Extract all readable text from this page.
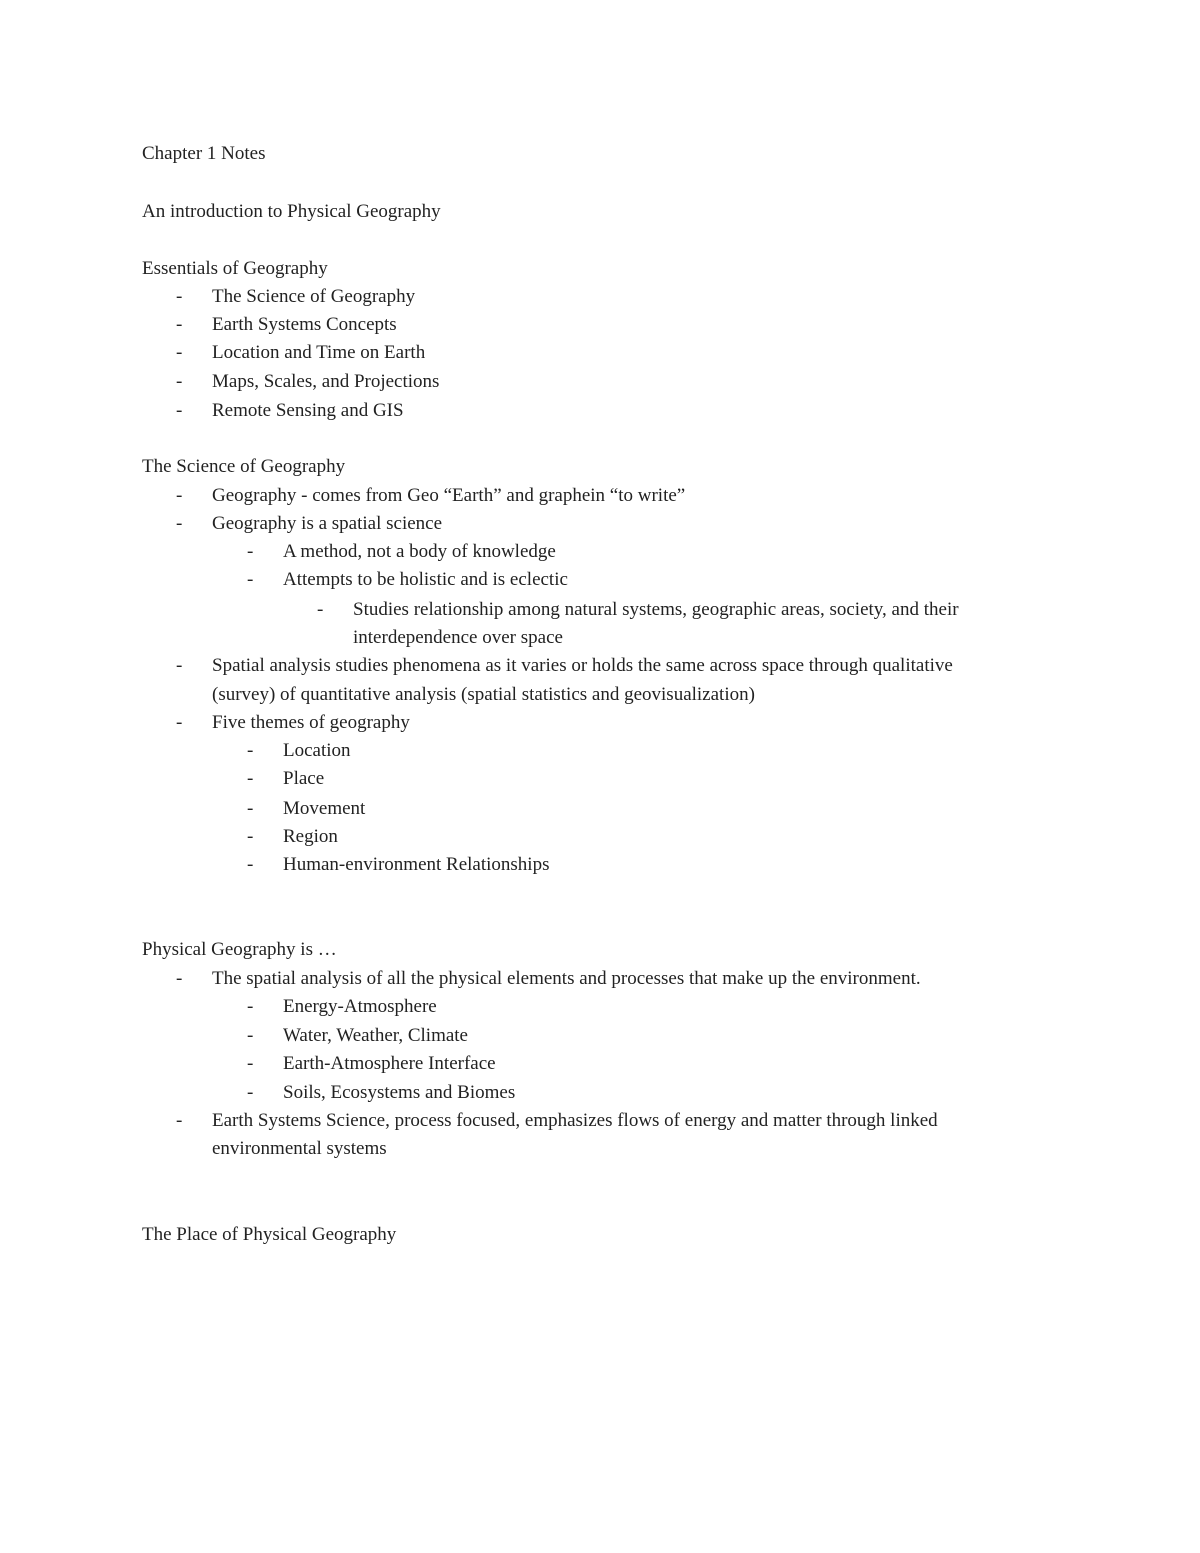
Chapter 1 Notes
An introduction to Physical Geography
Essentials of Geography
- The Science of Geography
- Earth Systems Concepts
- Location and Time on Earth
- Maps, Scales, and Projections
- Remote Sensing and GIS
The Science of Geography
- Geography - comes from Geo “Earth” and graphein “to write”
- Geography is a spatial science
- A method, not a body of knowledge
- Attempts to be holistic and is eclectic
- Studies relationship among natural systems, geographic areas, society, and their
interdependence over space
- Spatial analysis studies phenomena as it varies or holds the same across space through qualitative
(survey) of quantitative analysis (spatial statistics and geovisualization)
- Five themes of geography
- Location
- Place
- Movement
- Region
- Human-environment Relationships
Physical Geography is …
- The spatial analysis of all the physical elements and processes that make up the environment.
- Energy-Atmosphere
- Water, Weather, Climate
- Earth-Atmosphere Interface
- Soils, Ecosystems and Biomes
- Earth Systems Science, process focused, emphasizes flows of energy and matter through linked
environmental systems
The Place of Physical Geography
